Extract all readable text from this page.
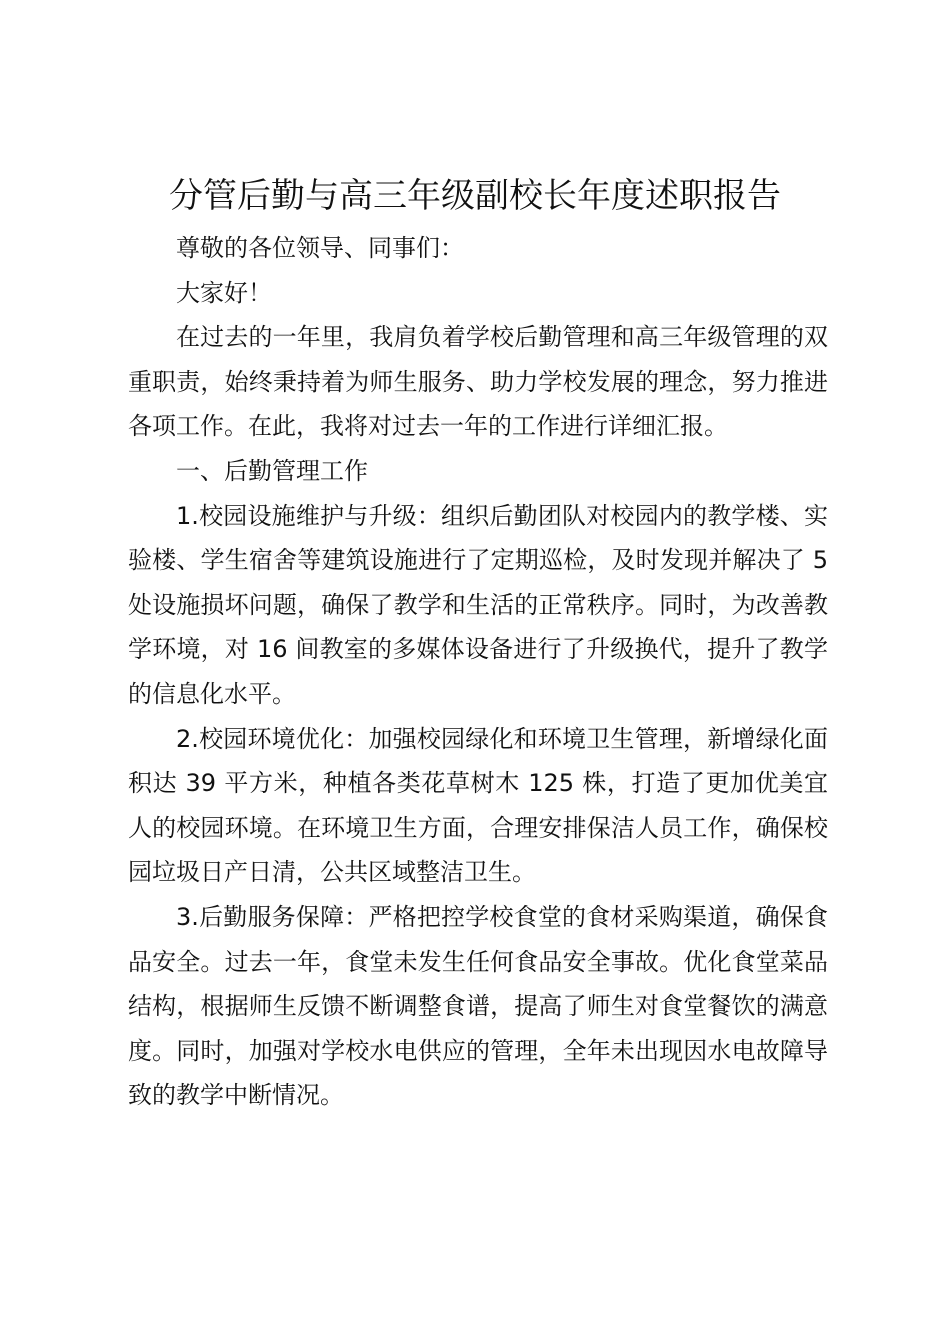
分管后勤与高三年级副校长年度述职报告

尊敬的各位领导、同事们：

大家好！

在过去的一年里，我肩负着学校后勤管理和高三年级管理的双重职责，始终秉持着为师生服务、助力学校发展的理念，努力推进各项工作。在此，我将对过去一年的工作进行详细汇报。

一、后勤管理工作

1.校园设施维护与升级：组织后勤团队对校园内的教学楼、实验楼、学生宿舍等建筑设施进行了定期巡检，及时发现并解决了 5 处设施损坏问题，确保了教学和生活的正常秩序。同时，为改善教学环境，对 16 间教室的多媒体设备进行了升级换代，提升了教学的信息化水平。

2.校园环境优化：加强校园绿化和环境卫生管理，新增绿化面积达 39 平方米，种植各类花草树木 125 株，打造了更加优美宜人的校园环境。在环境卫生方面，合理安排保洁人员工作，确保校园垃圾日产日清，公共区域整洁卫生。

3.后勤服务保障：严格把控学校食堂的食材采购渠道，确保食品安全。过去一年，食堂未发生任何食品安全事故。优化食堂菜品结构，根据师生反馈不断调整食谱，提高了师生对食堂餐饮的满意度。同时，加强对学校水电供应的管理，全年未出现因水电故障导致的教学中断情况。
